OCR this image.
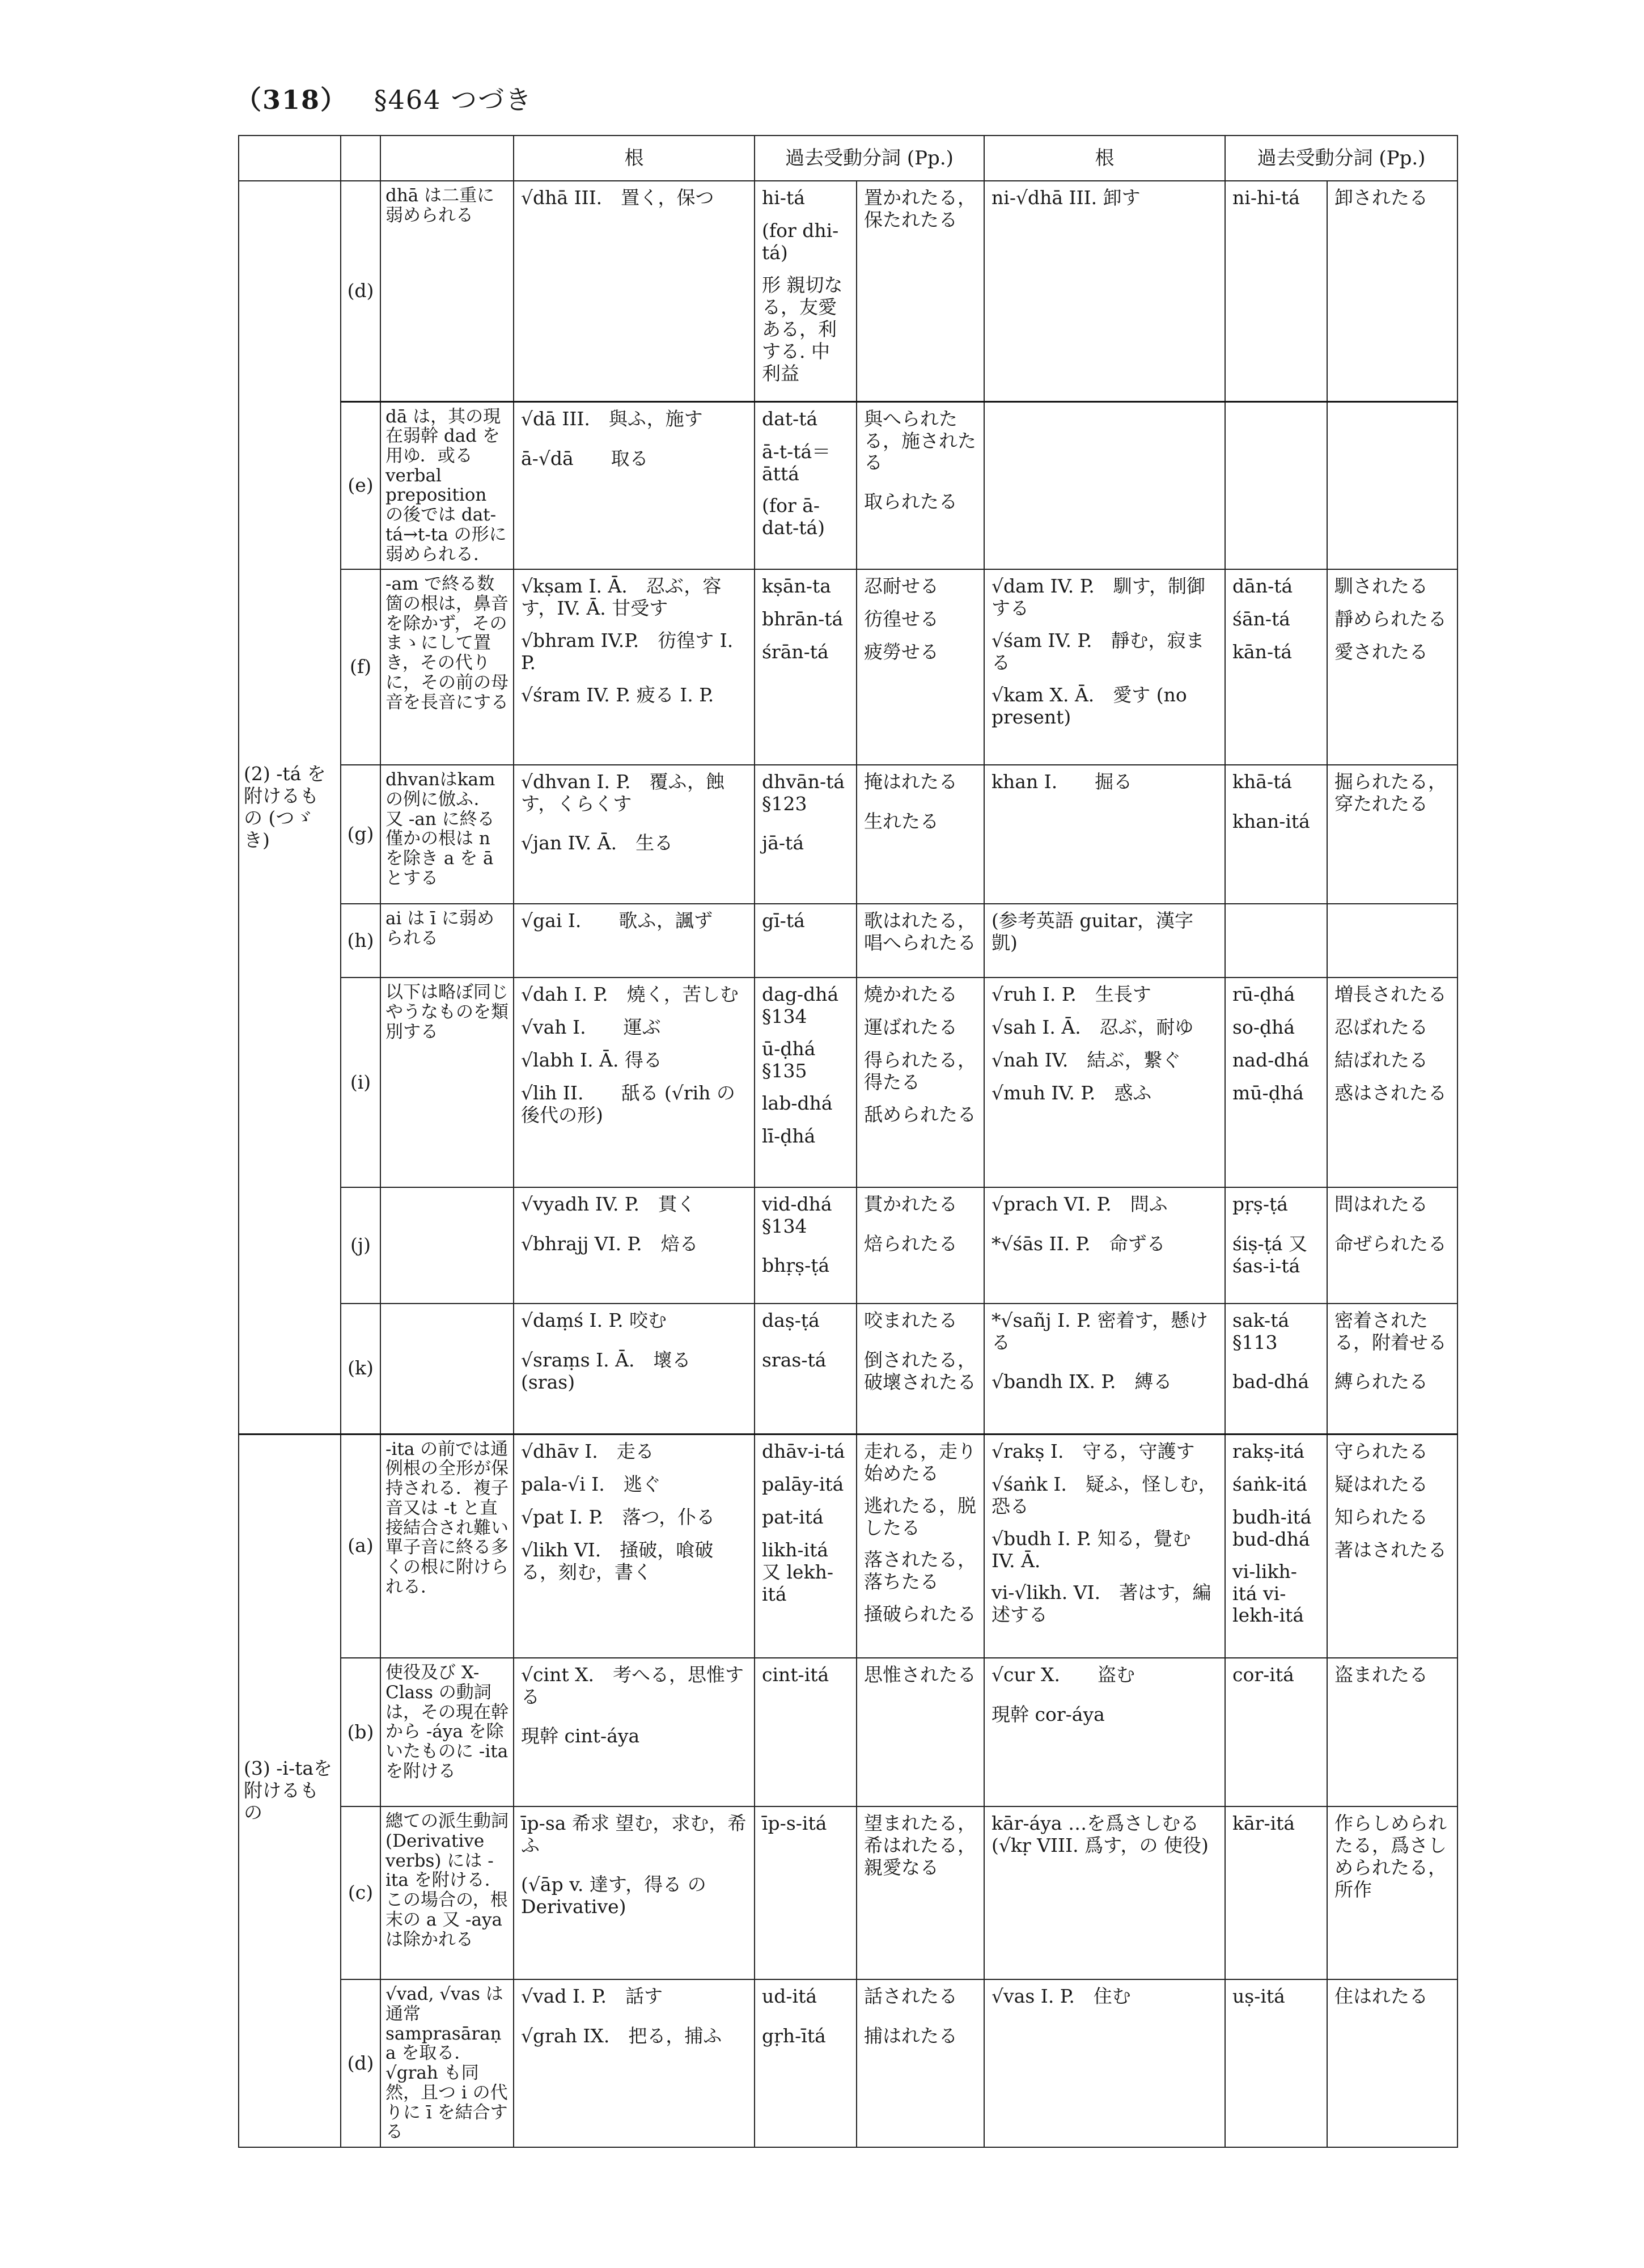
（318） §464 つづき
			根	過去受動分詞 (Pp.)		根	過去受動分詞 (Pp.)	
(2) -tá を附けるもの (つゞき)	(d)	dhā は二重に弱められる	√dhā III.　置く，保つ	hi-tá
(for dhi-tá)
形 親切なる，友愛ある，利する. 中 利益	置かれたる，保たれたる	ni-√dhā III. 卸す	ni-hi-tá	卸されたる

	(e)	dā は，其の現在弱幹 dad を用ゆ．或る verbal preposition の後では dat-tá→t-ta の形に弱められる．	√dā III.　與ふ，施す
ā-√dā　　取る	dat-tá
ā-t-tá＝āttá
(for ā-dat-tá)	與へられたる，施されたる
取られたる			

	(f)	-am で終る数箇の根は，鼻音を除かず，そのまゝにして置き，その代りに，その前の母音を長音にする	√kṣam I. Ā.　忍ぶ，容す，IV. Ā. 甘受す
√bhram IV.P.　彷徨す I. P.
√śram IV. P. 疲る I. P.	kṣān-ta
bhrān-tá
śrān-tá	忍耐せる
彷徨せる
疲勞せる	√dam IV. P.　馴す，制御する
√śam IV. P.　靜む，寂まる
√kam X. Ā.　愛す (no present)	dān-tá
śān-tá
kān-tá	馴されたる
靜められたる
愛されたる

	(g)	dhvanはkamの例に倣ふ．又 -an に終る僅かの根は n を除き a を ā とする	√dhvan I. P.　覆ふ，蝕す，くらくす
√jan IV. Ā.　生る	dhvān-tá §123
jā-tá	掩はれたる
生れたる	khan I.　　掘る	khā-tá
khan-itá	掘られたる，穿たれたる

	(h)	ai は ī に弱められる	√gai I.　　歌ふ，諷ず	gī-tá	歌はれたる，唱へられたる	(参考英語 guitar，漢字 凱)		

	(i)	以下は略ぼ同じやうなものを類別する	√dah I. P.　燒く，苦しむ
√vah I.　　運ぶ
√labh I. Ā. 得る
√lih II.　　舐る (√rih の後代の形)	dag-dhá §134
ū-ḍhá §135
lab-dhá
lī-ḍhá	燒かれたる
運ばれたる
得られたる，得たる
舐められたる	√ruh I. P.　生長す
√sah I. Ā.　忍ぶ，耐ゆ
√nah IV.　結ぶ，繋ぐ
√muh IV. P.　惑ふ	rū-ḍhá
so-ḍhá
nad-dhá
mū-ḍhá	増長されたる
忍ばれたる
結ばれたる
惑はされたる

	(j)		√vyadh IV. P.　貫く
√bhrajj VI. P.　焙る	vid-dhá §134
bhṛṣ-ṭá	貫かれたる
焙られたる	√prach VI. P.　問ふ
*√śās II. P.　命ずる	pṛṣ-ṭá
śiṣ-ṭá 又 śas-i-tá	問はれたる
命ぜられたる

	(k)		√daṃś I. P. 咬む
√sraṃs I. Ā.　壞る (sras)	daṣ-ṭá
sras-tá	咬まれたる
倒されたる，破壞されたる	*√sañj I. P. 密着す，懸ける
√bandh IX. P.　縛る	sak-tá §113
bad-dhá	密着されたる，附着せる
縛られたる

(3) -i-taを附けるもの	(a)	-ita の前では通例根の全形が保持される．複子音又は -t と直接結合され難い單子音に終る多くの根に附けられる．	√dhāv I.　走る
pala-√i I.　逃ぐ
√pat I. P.　落つ，仆る
√likh VI.　掻破，喰破る，刻む，書く	dhāv-i-tá
palāy-itá
pat-itá
likh-itá 又 lekh-itá	走れる，走り始めたる
逃れたる，脱したる
落されたる，落ちたる
掻破られたる	√rakṣ I.　守る，守護す
√śaṅk I.　疑ふ，怪しむ，恐る
√budh I. P. 知る，覺む IV. Ā.
vi-√likh. VI.　著はす，編述する	rakṣ-itá
śaṅk-itá
budh-itá bud-dhá
vi-likh-itá vi-lekh-itá	守られたる
疑はれたる
知られたる
著はされたる

	(b)	使役及び X-Class の動詞は，その現在幹から -áya を除いたものに -ita を附ける	√cint X.　考へる，思惟する
現幹 cint-áya	cint-itá	思惟されたる	√cur X.　　盗む
現幹 cor-áya	cor-itá	盗まれたる

	(c)	總ての派生動詞 (Derivative verbs) には -ita を附ける．この場合の，根末の a 又 -aya は除かれる	īp-sa 希求 望む，求む，希ふ
(√āp v. 達す，得る の Derivative)	īp-s-itá	望まれたる，希はれたる，親愛なる	kār-áya …を爲さしむる (√kṛ VIII. 爲す，の 使役)	kār-itá	作らしめられたる，爲さしめられたる，所作

	(d)	√vad, √vas は通常 samprasāraṇa を取る．√grah も同然，且つ i の代りに ī を結合する	√vad I. P.　話す
√grah IX.　把る，捕ふ	ud-itá
gṛh-ītá	話されたる
捕はれたる	√vas I. P.　住む	uṣ-itá	住はれたる
